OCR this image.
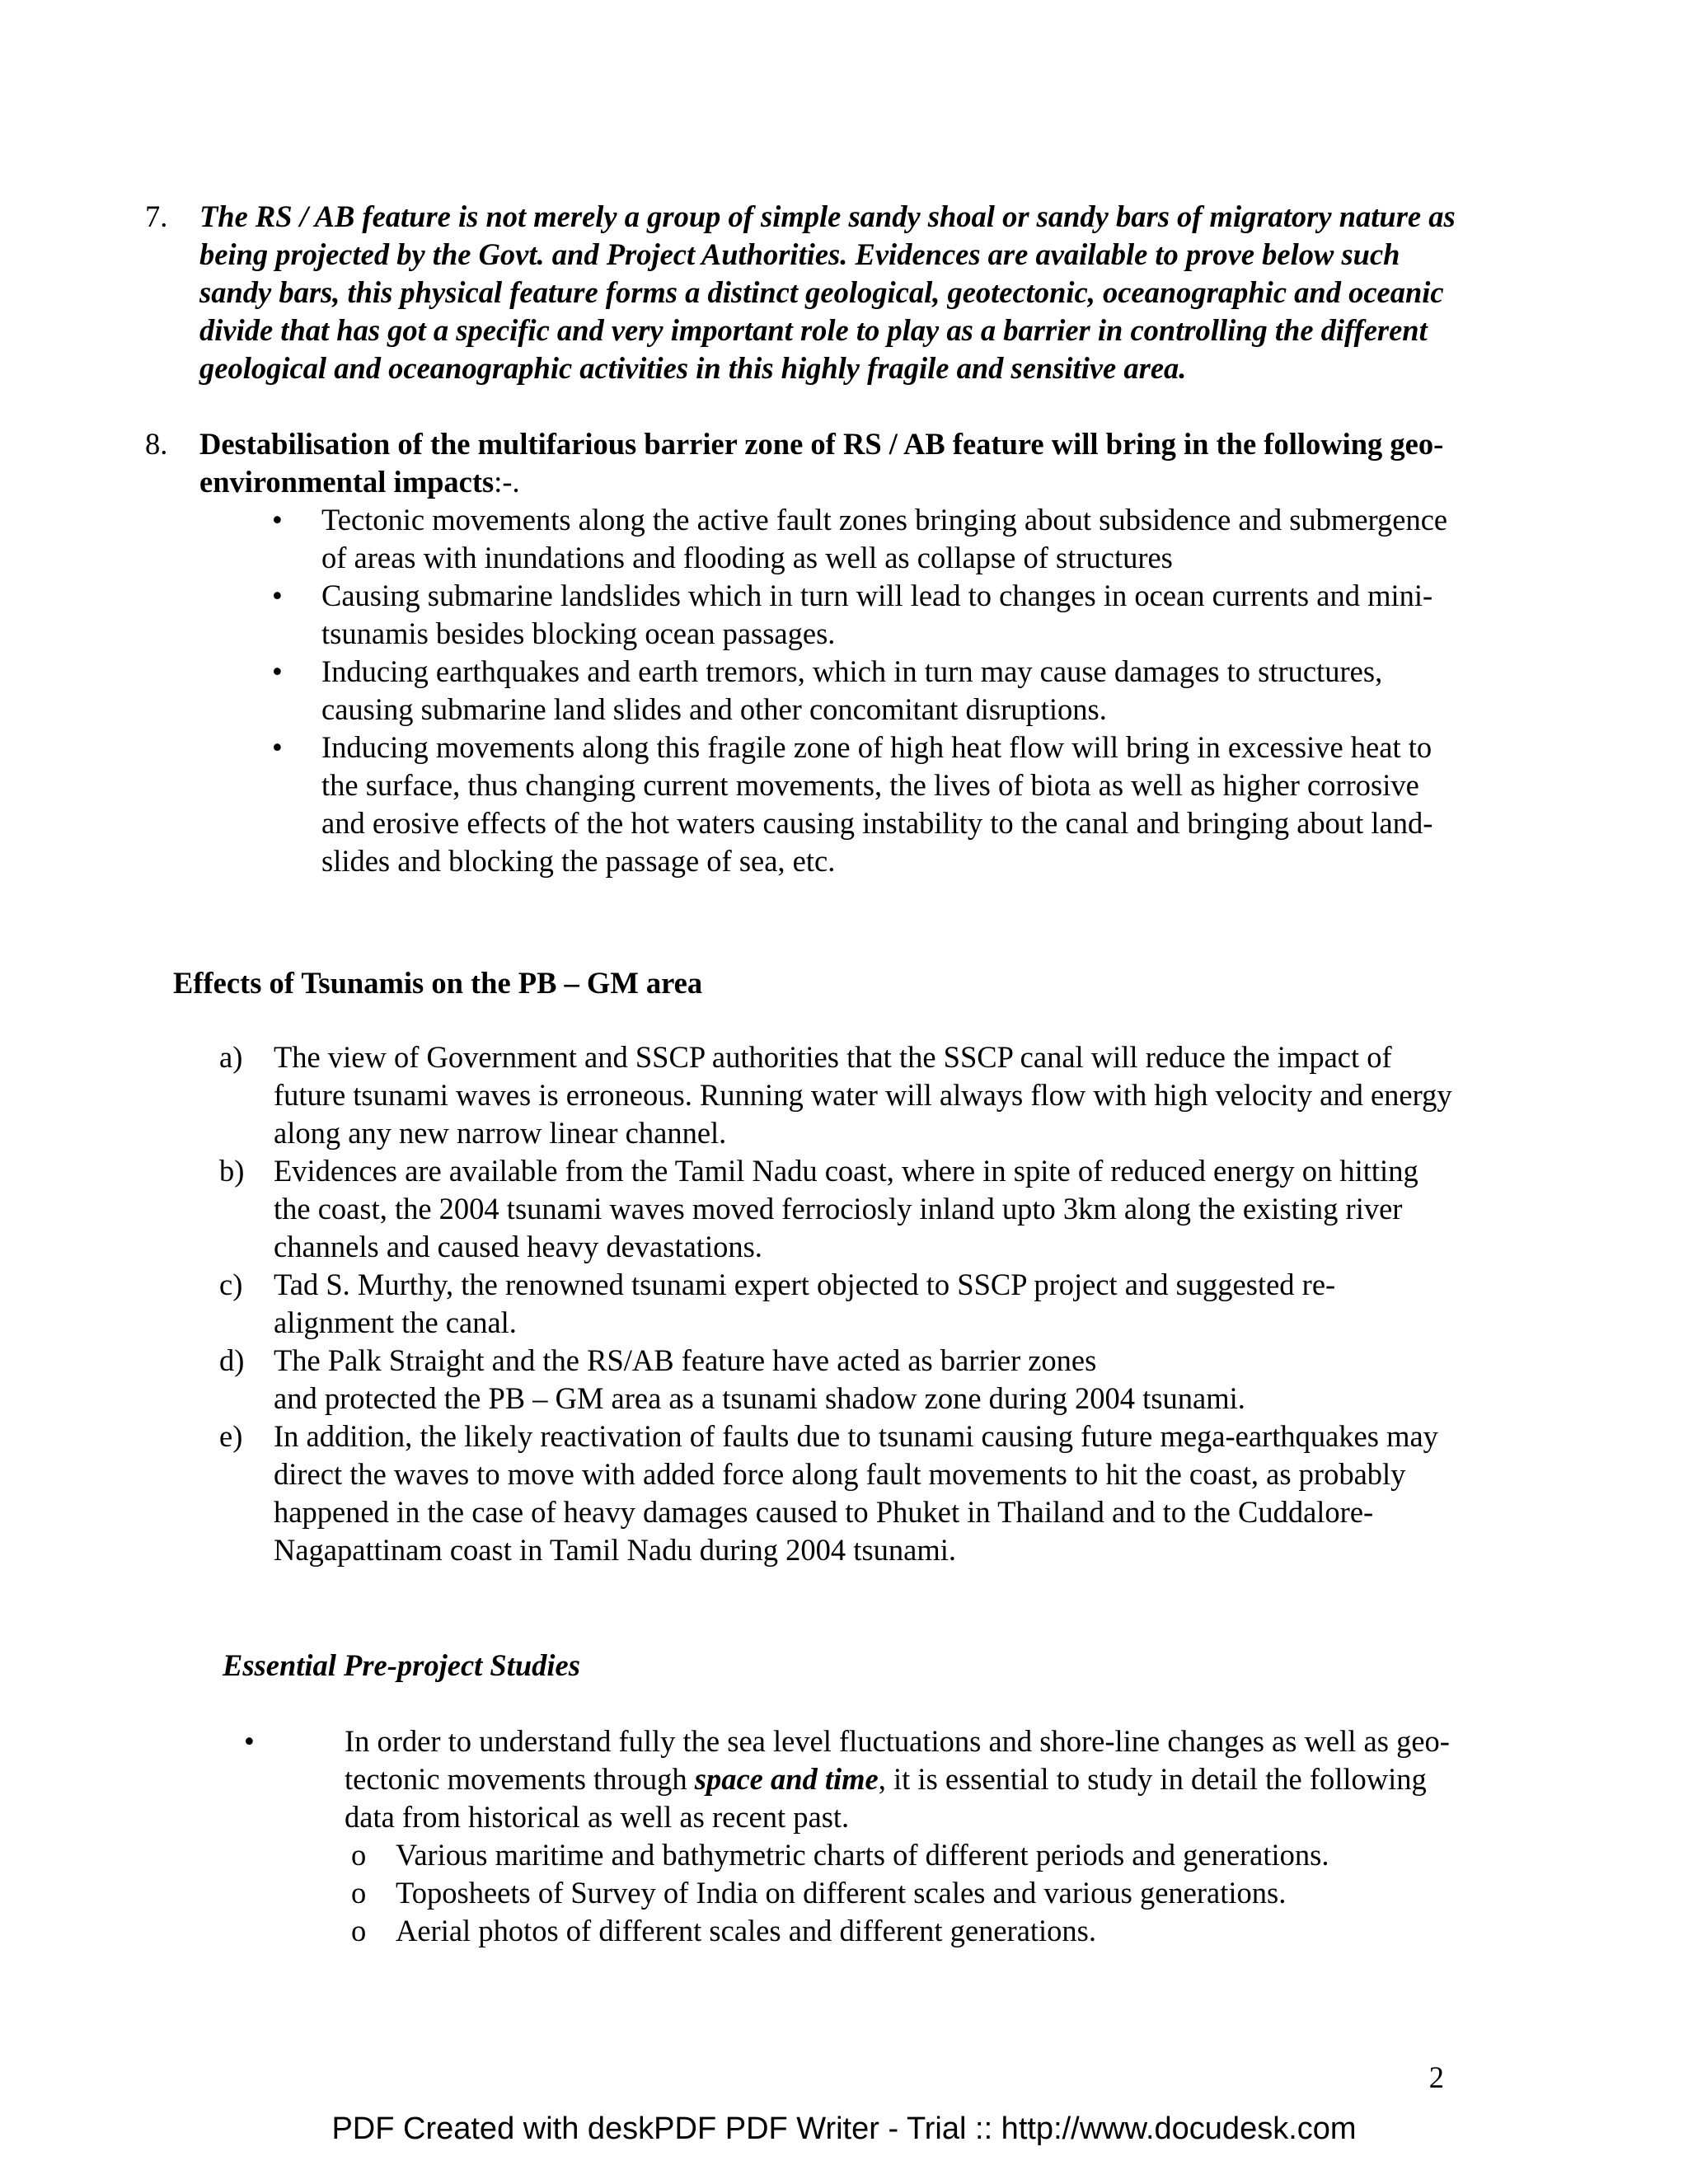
7. The RS / AB feature is not merely a group of simple sandy shoal or sandy bars of migratory nature as being projected by the Govt. and Project Authorities. Evidences are available to prove below such sandy bars, this physical feature forms a distinct geological, geotectonic, oceanographic and oceanic divide that has got a specific and very important role to play as a barrier in controlling the different geological and oceanographic activities in this highly fragile and sensitive area.
8. Destabilisation of the multifarious barrier zone of RS / AB feature will bring in the following geo-environmental impacts:-.
• Tectonic movements along the active fault zones bringing about subsidence and submergence of areas with inundations and flooding as well as collapse of structures
• Causing submarine landslides which in turn will lead to changes in ocean currents and mini-tsunamis besides blocking ocean passages.
• Inducing earthquakes and earth tremors, which in turn may cause damages to structures, causing submarine land slides and other concomitant disruptions.
• Inducing movements along this fragile zone of high heat flow will bring in excessive heat to the surface, thus changing current movements, the lives of biota as well as higher corrosive and erosive effects of the hot waters causing instability to the canal and bringing about land-slides and blocking the passage of sea, etc.
Effects of Tsunamis on the PB – GM area
a) The view of Government and SSCP authorities that the SSCP canal will reduce the impact of future tsunami waves is erroneous. Running water will always flow with high velocity and energy along any new narrow linear channel.
b) Evidences are available from the Tamil Nadu coast, where in spite of reduced energy on hitting the coast, the 2004 tsunami waves moved ferrociosly inland upto 3km along the existing river channels and caused heavy devastations.
c) Tad S. Murthy, the renowned tsunami expert objected to SSCP project and suggested re-alignment the canal.
d) The Palk Straight and the RS/AB feature have acted as barrier zones
and protected the PB – GM area as a tsunami shadow zone during 2004 tsunami.
e) In addition, the likely reactivation of faults due to tsunami causing future mega-earthquakes may direct the waves to move with added force along fault movements to hit the coast, as probably happened in the case of heavy damages caused to Phuket in Thailand and to the Cuddalore- Nagapattinam coast in Tamil Nadu during 2004 tsunami.
Essential Pre-project Studies
•	In order to understand fully the sea level fluctuations and shore-line changes as well as geo-tectonic movements through space and time, it is essential to study in detail the following data from historical as well as recent past.
o Various maritime and bathymetric charts of different periods and generations.
o Toposheets of Survey of India on different scales and various generations.
o Aerial photos of different scales and different generations.
2
PDF Created with deskPDF PDF Writer - Trial :: http://www.docudesk.com
